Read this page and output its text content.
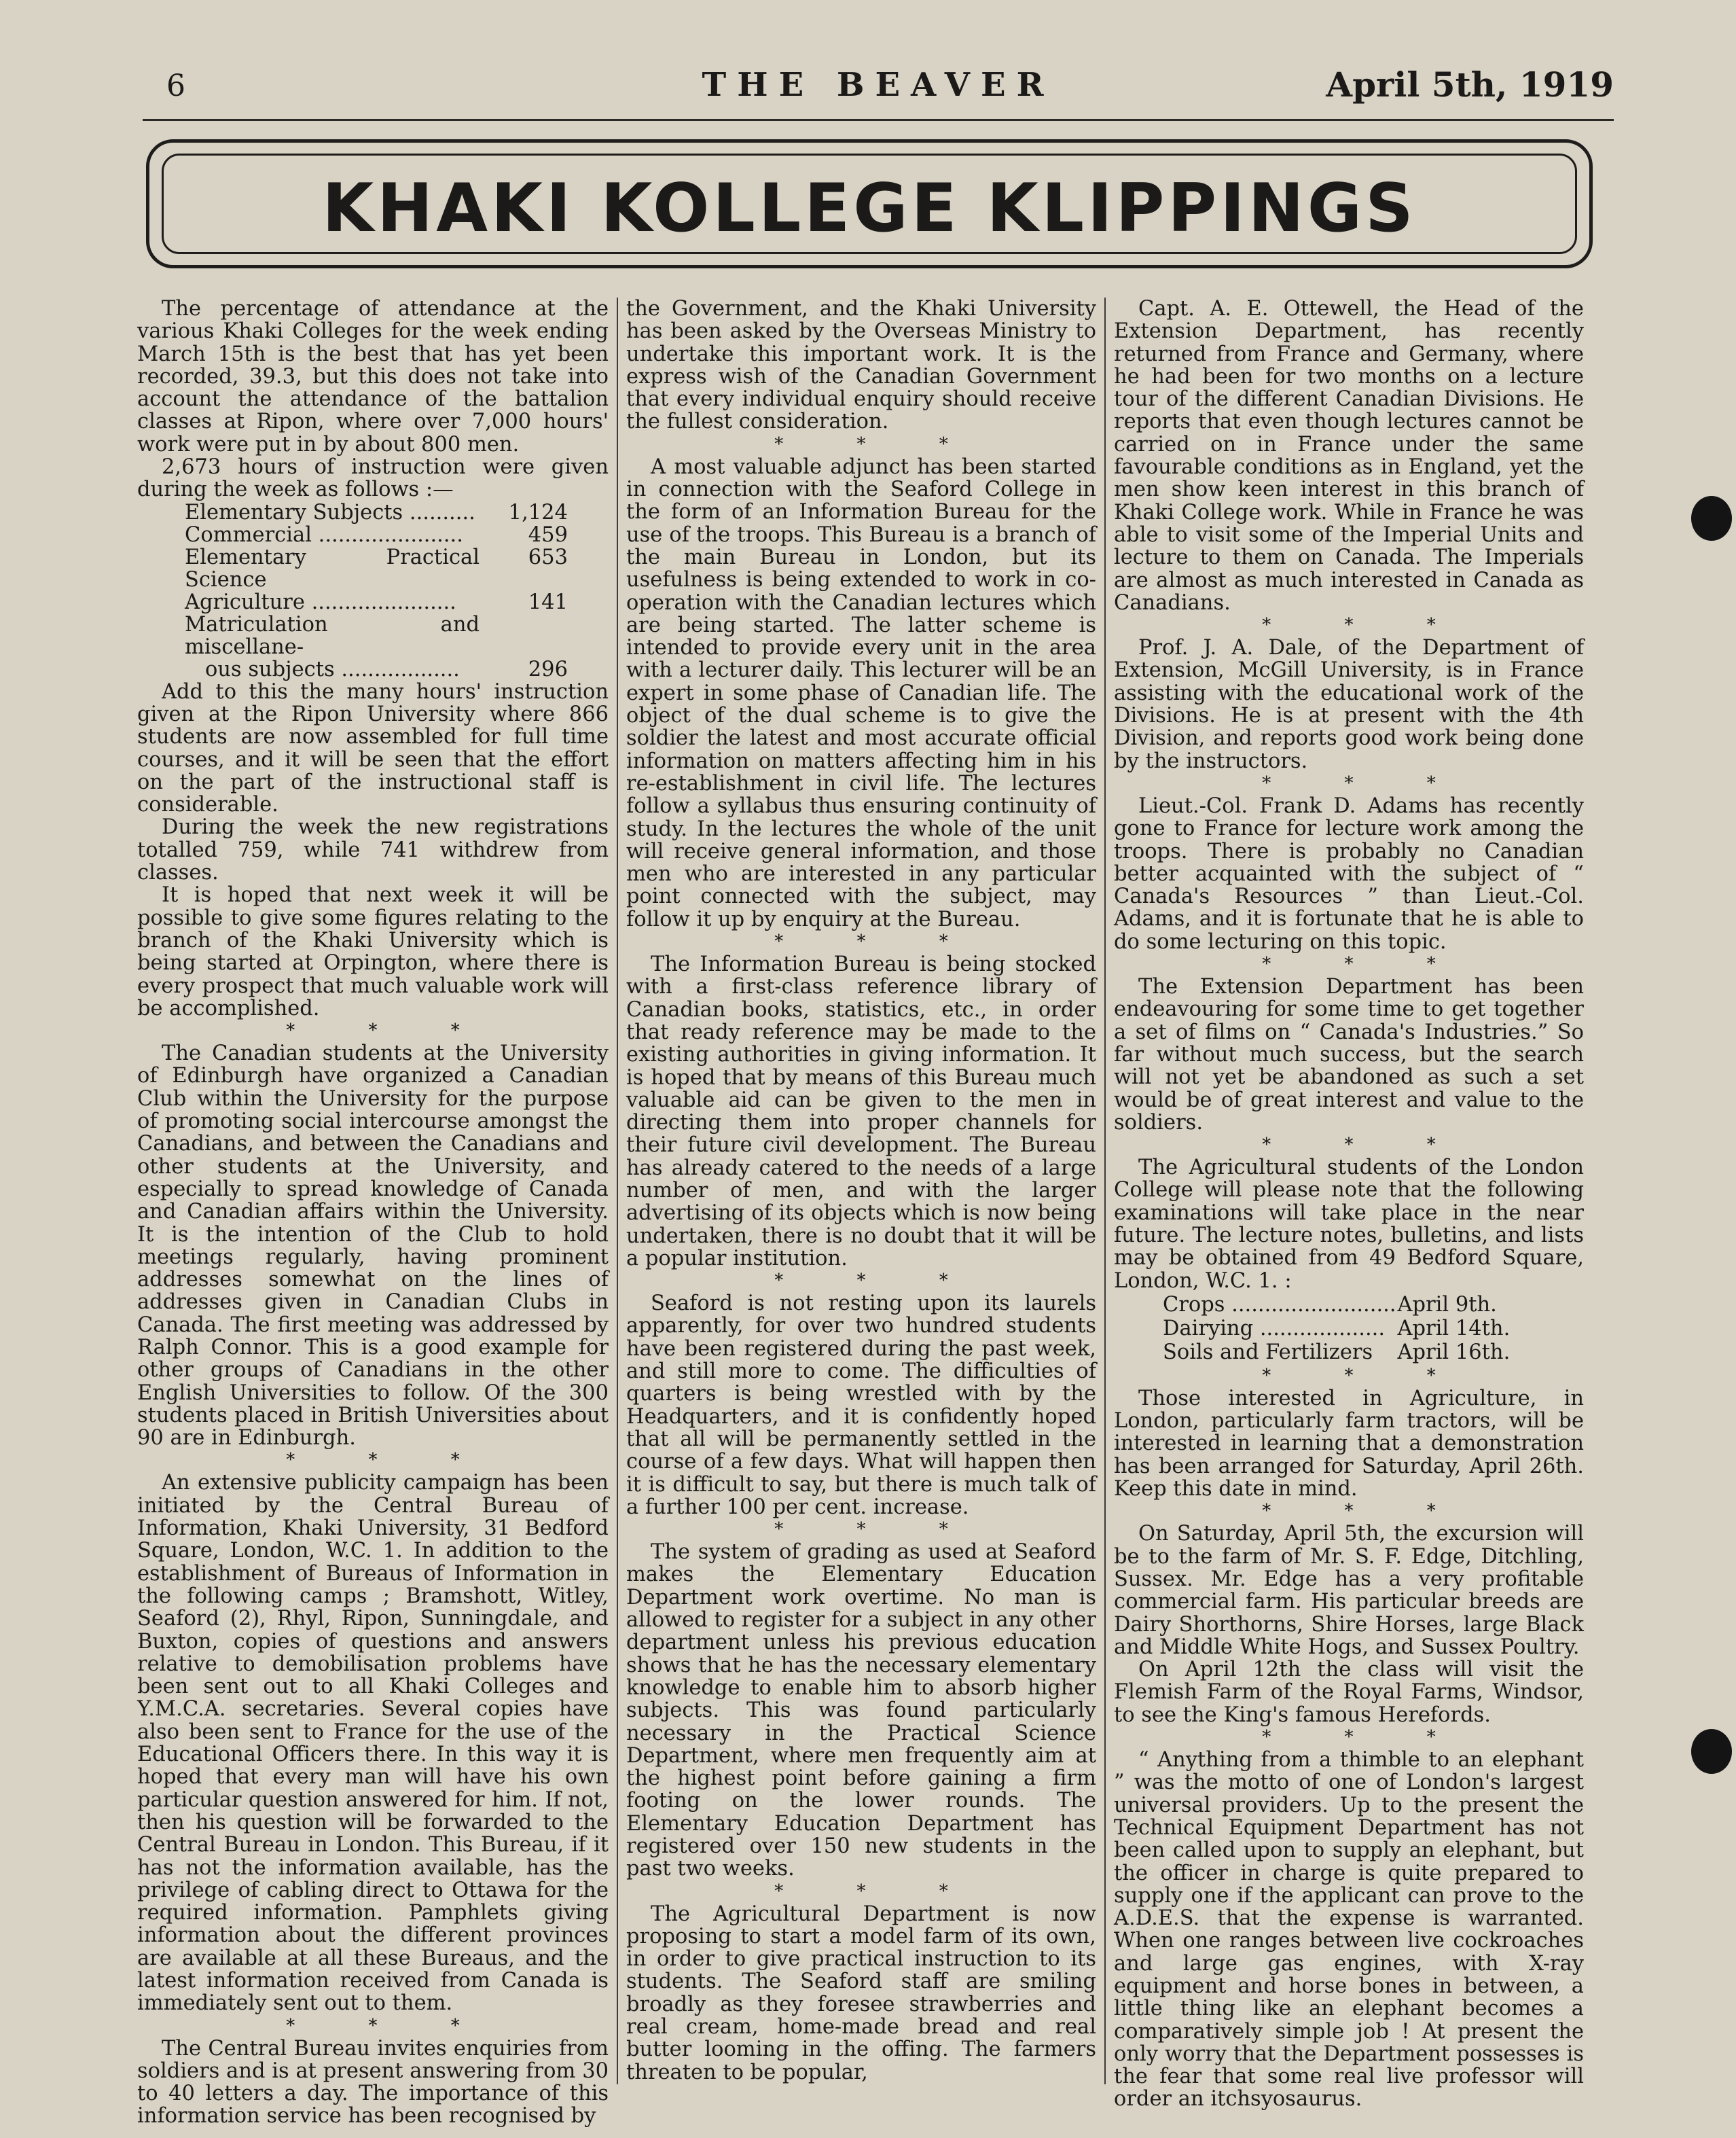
6	THE BEAVER	April 5th, 1919
KHAKI KOLLEGE KLIPPINGS

The percentage of attendance at the various Khaki Colleges for the week ending March 15th is the best that has yet been recorded, 39.3, but this does not take into account the attendance of the battalion classes at Ripon, where over 7,000 hours' work were put in by about 800 men.

2,673 hours of instruction were given during the week as follows :—

Elementary Subjects ..........	1,124
Commercial ......................	459
Elementary Practical Science	653
Agriculture ......................	141
Matriculation and miscellane-	
ous subjects ..................	296

Add to this the many hours' instruction given at the Ripon University where 866 students are now assembled for full time courses, and it will be seen that the effort on the part of the instructional staff is considerable.

During the week the new registrations totalled 759, while 741 withdrew from classes.

It is hoped that next week it will be possible to give some figures relating to the branch of the Khaki University which is being started at Orpington, where there is every prospect that much valuable work will be accomplished.

* * *

The Canadian students at the University of Edinburgh have organized a Canadian Club within the University for the purpose of promoting social intercourse amongst the Canadians, and between the Canadians and other students at the University, and especially to spread knowledge of Canada and Canadian affairs within the University. It is the intention of the Club to hold meetings regularly, having prominent addresses somewhat on the lines of addresses given in Canadian Clubs in Canada. The first meeting was addressed by Ralph Connor. This is a good example for other groups of Canadians in the other English Universities to follow. Of the 300 students placed in British Universities about 90 are in Edinburgh.

* * *

An extensive publicity campaign has been initiated by the Central Bureau of Information, Khaki University, 31 Bedford Square, London, W.C. 1. In addition to the establishment of Bureaus of Information in the following camps ; Bramshott, Witley, Seaford (2), Rhyl, Ripon, Sunningdale, and Buxton, copies of questions and answers relative to demobilisation problems have been sent out to all Khaki Colleges and Y.M.C.A. secretaries. Several copies have also been sent to France for the use of the Educational Officers there. In this way it is hoped that every man will have his own particular question answered for him. If not, then his question will be forwarded to the Central Bureau in London. This Bureau, if it has not the information available, has the privilege of cabling direct to Ottawa for the required information. Pamphlets giving information about the different provinces are available at all these Bureaus, and the latest information received from Canada is immediately sent out to them.

* * *

The Central Bureau invites enquiries from soldiers and is at present answering from 30 to 40 letters a day. The importance of this information service has been recognised by

the Government, and the Khaki University has been asked by the Overseas Ministry to undertake this important work. It is the express wish of the Canadian Government that every individual enquiry should receive the fullest consideration.

* * *

A most valuable adjunct has been started in connection with the Seaford College in the form of an Information Bureau for the use of the troops. This Bureau is a branch of the main Bureau in London, but its usefulness is being extended to work in co-operation with the Canadian lectures which are being started. The latter scheme is intended to provide every unit in the area with a lecturer daily. This lecturer will be an expert in some phase of Canadian life. The object of the dual scheme is to give the soldier the latest and most accurate official information on matters affecting him in his re-establishment in civil life. The lectures follow a syllabus thus ensuring continuity of study. In the lectures the whole of the unit will receive general information, and those men who are interested in any particular point connected with the subject, may follow it up by enquiry at the Bureau.

* * *

The Information Bureau is being stocked with a first-class reference library of Canadian books, statistics, etc., in order that ready reference may be made to the existing authorities in giving information. It is hoped that by means of this Bureau much valuable aid can be given to the men in directing them into proper channels for their future civil development. The Bureau has already catered to the needs of a large number of men, and with the larger advertising of its objects which is now being undertaken, there is no doubt that it will be a popular institution.

* * *

Seaford is not resting upon its laurels apparently, for over two hundred students have been registered during the past week, and still more to come. The difficulties of quarters is being wrestled with by the Headquarters, and it is confidently hoped that all will be permanently settled in the course of a few days. What will happen then it is difficult to say, but there is much talk of a further 100 per cent. increase.

* * *

The system of grading as used at Seaford makes the Elementary Education Department work overtime. No man is allowed to register for a subject in any other department unless his previous education shows that he has the necessary elementary knowledge to enable him to absorb higher subjects. This was found particularly necessary in the Practical Science Department, where men frequently aim at the highest point before gaining a firm footing on the lower rounds. The Elementary Education Department has registered over 150 new students in the past two weeks.

* * *

The Agricultural Department is now proposing to start a model farm of its own, in order to give practical instruction to its students. The Seaford staff are smiling broadly as they foresee strawberries and real cream, home-made bread and real butter looming in the offing. The farmers threaten to be popular,

Capt. A. E. Ottewell, the Head of the Extension Department, has recently returned from France and Germany, where he had been for two months on a lecture tour of the different Canadian Divisions. He reports that even though lectures cannot be carried on in France under the same favourable conditions as in England, yet the men show keen interest in this branch of Khaki College work. While in France he was able to visit some of the Imperial Units and lecture to them on Canada. The Imperials are almost as much interested in Canada as Canadians.

* * *

Prof. J. A. Dale, of the Department of Extension, McGill University, is in France assisting with the educational work of the Divisions. He is at present with the 4th Division, and reports good work being done by the instructors.

* * *

Lieut.-Col. Frank D. Adams has recently gone to France for lecture work among the troops. There is probably no Canadian better acquainted with the subject of “ Canada's Resources ” than Lieut.-Col. Adams, and it is fortunate that he is able to do some lecturing on this topic.

* * *

The Extension Department has been endeavouring for some time to get together a set of films on “ Canada's Industries.” So far without much success, but the search will not yet be abandoned as such a set would be of great interest and value to the soldiers.

* * *

The Agricultural students of the London College will please note that the following examinations will take place in the near future. The lecture notes, bulletins, and lists may be obtained from 49 Bedford Square, London, W.C. 1. :

Crops .........................	April 9th.
Dairying ...................	April 14th.
Soils and Fertilizers	April 16th.
* * *

Those interested in Agriculture, in London, particularly farm tractors, will be interested in learning that a demonstration has been arranged for Saturday, April 26th. Keep this date in mind.

* * *

On Saturday, April 5th, the excursion will be to the farm of Mr. S. F. Edge, Ditchling, Sussex. Mr. Edge has a very profitable commercial farm. His particular breeds are Dairy Shorthorns, Shire Horses, large Black and Middle White Hogs, and Sussex Poultry.

On April 12th the class will visit the Flemish Farm of the Royal Farms, Windsor, to see the King's famous Herefords.

* * *

“ Anything from a thimble to an elephant ” was the motto of one of London's largest universal providers. Up to the present the Technical Equipment Department has not been called upon to supply an elephant, but the officer in charge is quite prepared to supply one if the applicant can prove to the A.D.E.S. that the expense is warranted. When one ranges between live cockroaches and large gas engines, with X-ray equipment and horse bones in between, a little thing like an elephant becomes a comparatively simple job ! At present the only worry that the Department possesses is the fear that some real live professor will order an itchsyosaurus.
